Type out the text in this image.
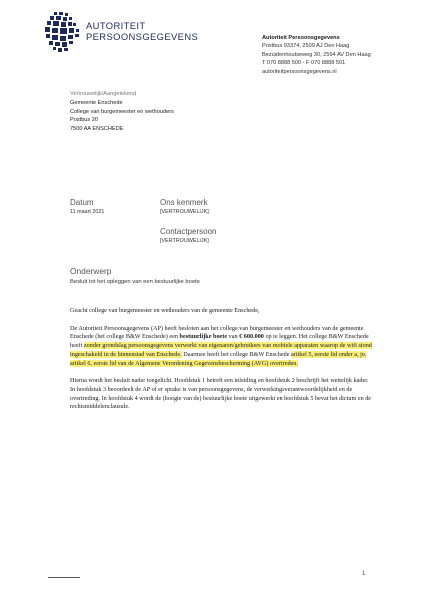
AUTORITEIT
PERSOONSGEGEVENS	Autoriteit Persoonsgegevens
Postbus 93374, 2509 AJ Den Haag
Bezuidenhoutseweg 30, 2594 AV Den Haag
T 070 8888 500 - F 070 8888 501
autoriteitpersoonsgegevens.nl
Vertrouwelijk/Aangetekend
Gemeente Enschede
College van burgemeester en wethouders
Postbus 20
7500 AA ENSCHEDE
Datum
11 maart 2021
Ons kenmerk
[VERTROUWELIJK]
Contactpersoon
[VERTROUWELIJK]
Onderwerp
Besluit tot het opleggen van een bestuurlijke boete

Geacht college van burgemeester en wethouders van de gemeente Enschede,

De Autoriteit Persoonsgegevens (AP) heeft besloten aan het college van burgemeester en wethouders van de gemeente Enschede (het college B&W Enschede) een bestuurlijke boete van € 600.000 op te leggen. Het college B&W Enschede heeft zonder grondslag persoonsgegevens verwerkt van eigenaren/gebruikers van mobiele apparaten waarop de wifi stond ingeschakeld in de binnenstad van Enschede. Daarmee heeft het college B&W Enschede artikel 5, eerste lid onder a, jo. artikel 6, eerste lid van de Algemene Verordening Gegevensbescherming (AVG) overtreden.

Hierna wordt het besluit nader toegelicht. Hoofdstuk 1 betreft een inleiding en hoofdstuk 2 beschrijft het wettelijk kader. In hoofdstuk 3 beoordeelt de AP of er sprake is van persoonsgegevens, de verwerkingsverantwoordelijkheid en de overtreding. In hoofdstuk 4 wordt de (hoogte van de) bestuurlijke boete uitgewerkt en hoofdstuk 5 bevat het dictum en de rechtsmiddelenclausule.

1
